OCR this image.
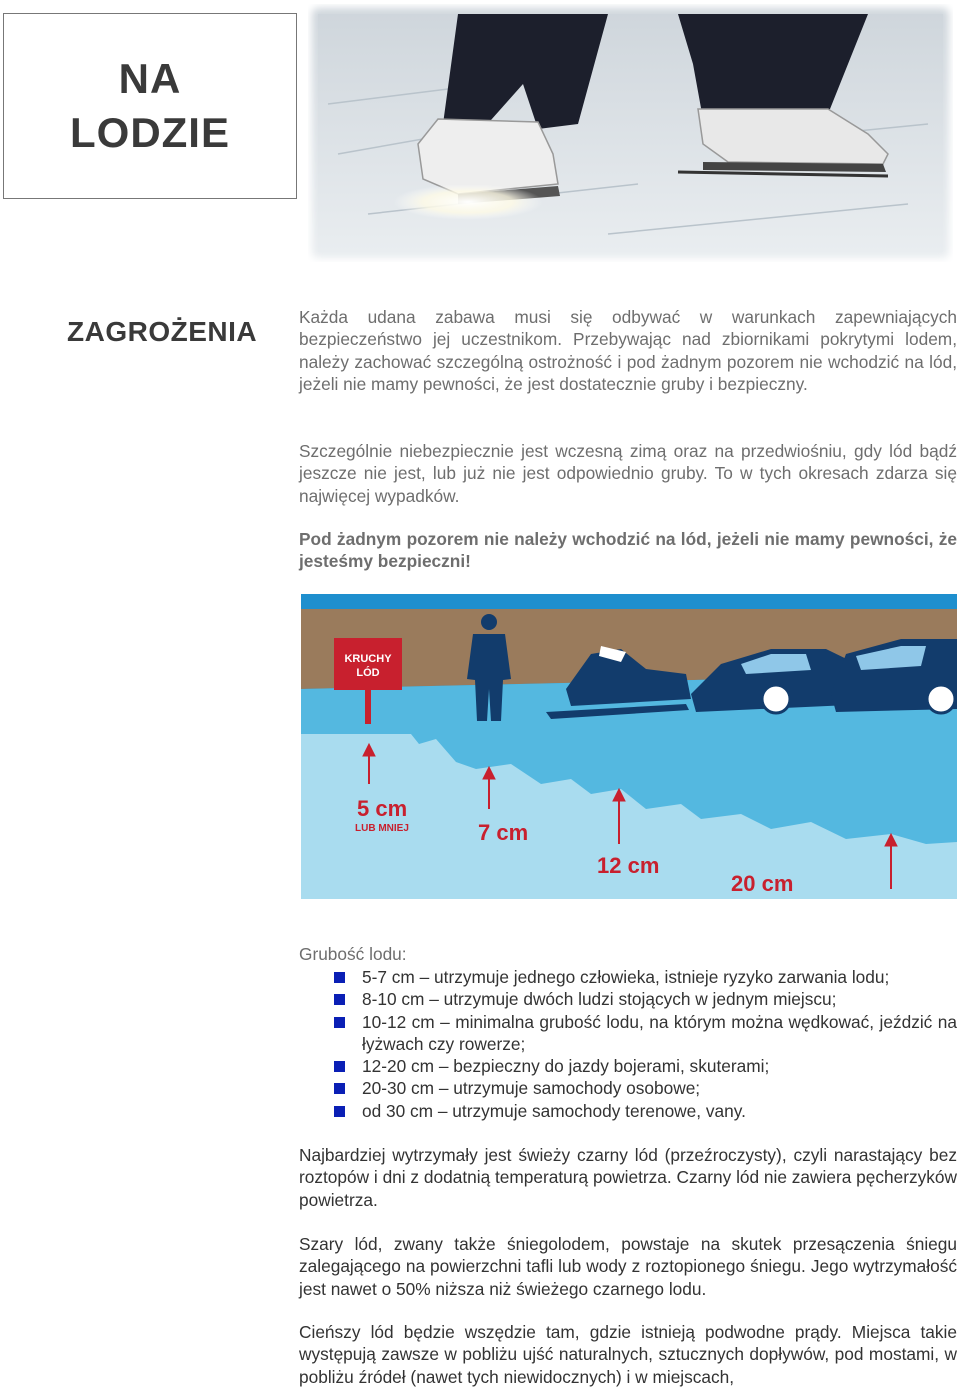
NA
LODZIE
ZAGROŻENIA Każda udana zabawa musi się odbywać w warunkach zapewniających bezpieczeństwo jej uczestnikom. Przebywając nad zbiornikami pokrytymi lodem, należy zachować szczególną ostrożność i pod żadnym pozorem nie wchodzić na lód, jeżeli nie mamy pewności, że jest dostatecznie gruby i bezpieczny.

Szczególnie niebezpiecznie jest wczesną zimą oraz na przedwiośniu, gdy lód bądź jeszcze nie jest, lub już nie jest odpowiednio gruby. To w tych okresach zdarza się najwięcej wypadków.

Pod żadnym pozorem nie należy wchodzić na lód, jeżeli nie mamy pewności, że jesteśmy bezpieczni!

KRUCHY
LÓD
5 cm
LUB MNIEJ	7 cm
12 cm
20 cm
Grubość lodu:
5-7 cm – utrzymuje jednego człowieka, istnieje ryzyko zarwania lodu;
8-10 cm – utrzymuje dwóch ludzi stojących w jednym miejscu;
10-12 cm – minimalna grubość lodu, na którym można wędkować, jeździć na łyżwach czy rowerze;
12-20 cm – bezpieczny do jazdy bojerami, skuterami;
20-30 cm – utrzymuje samochody osobowe;
od 30 cm – utrzymuje samochody terenowe, vany.

Najbardziej wytrzymały jest świeży czarny lód (przeźroczysty), czyli narastający bez roztopów i dni z dodatnią temperaturą powietrza. Czarny lód nie zawiera pęcherzyków powietrza.

Szary lód, zwany także śniegolodem, powstaje na skutek przesączenia śniegu zalegającego na powierzchni tafli lub wody z roztopionego śniegu. Jego wytrzymałość jest nawet o 50% niższa niż świeżego czarnego lodu.

Cieńszy lód będzie wszędzie tam, gdzie istnieją podwodne prądy. Miejsca takie występują zawsze w pobliżu ujść naturalnych, sztucznych dopływów, pod mostami, w pobliżu źródeł (nawet tych niewidocznych) i w miejscach,
